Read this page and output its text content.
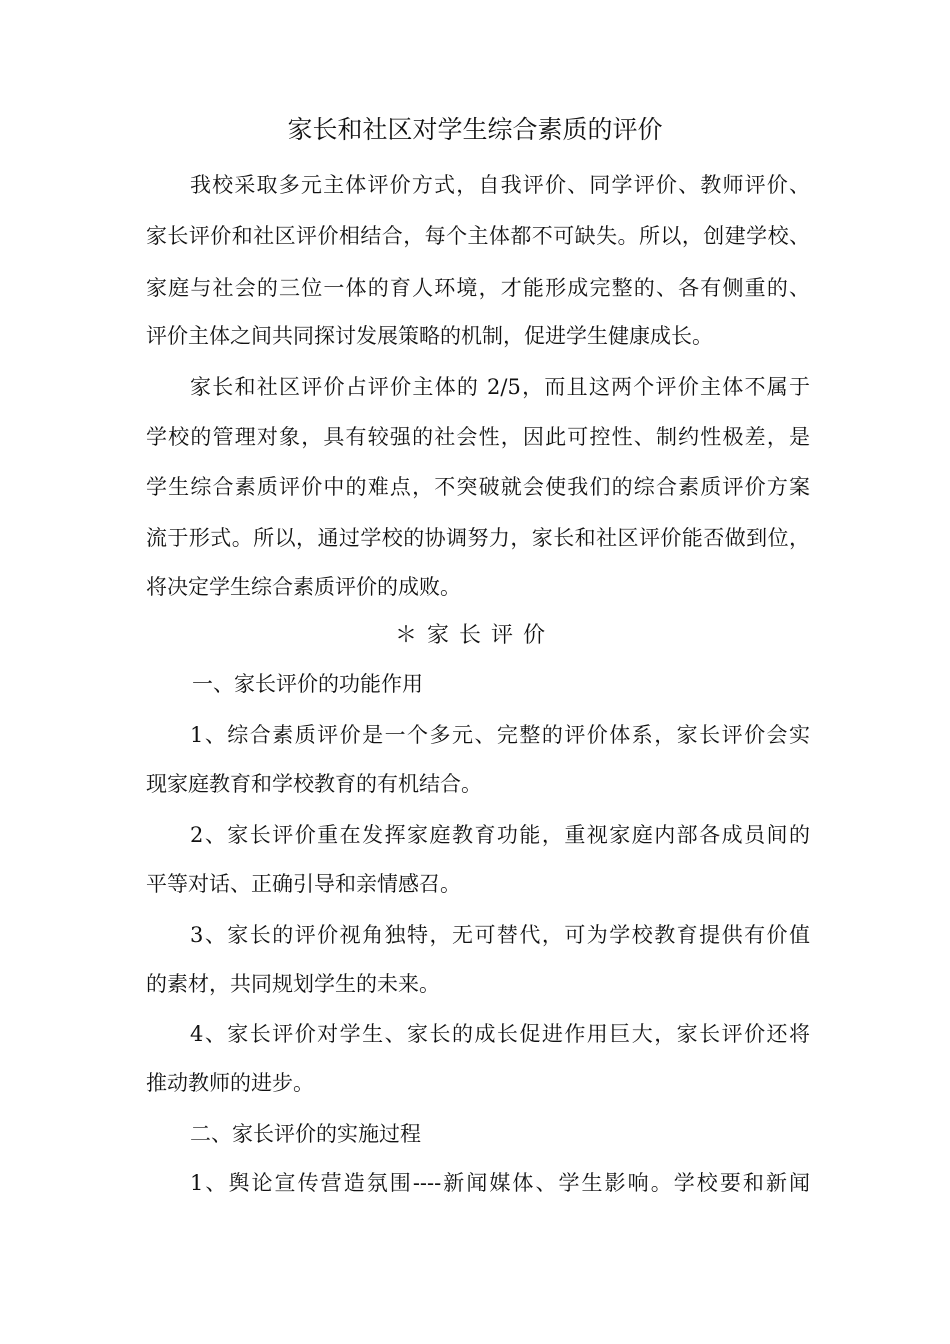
家长和社区对学生综合素质的评价
我校采取多元主体评价方式，自我评价、同学评价、教师评价、
家长评价和社区评价相结合，每个主体都不可缺失。所以，创建学校、
家庭与社会的三位一体的育人环境，才能形成完整的、各有侧重的、
评价主体之间共同探讨发展策略的机制，促进学生健康成长。
家长和社区评价占评价主体的 2/5，而且这两个评价主体不属于
学校的管理对象，具有较强的社会性，因此可控性、制约性极差，是
学生综合素质评价中的难点，不突破就会使我们的综合素质评价方案
流于形式。所以，通过学校的协调努力，家长和社区评价能否做到位，
将决定学生综合素质评价的成败。
＊家长评价
一、家长评价的功能作用
1、综合素质评价是一个多元、完整的评价体系，家长评价会实
现家庭教育和学校教育的有机结合。
2、家长评价重在发挥家庭教育功能，重视家庭内部各成员间的
平等对话、正确引导和亲情感召。
3、家长的评价视角独特，无可替代，可为学校教育提供有价值
的素材，共同规划学生的未来。
4、家长评价对学生、家长的成长促进作用巨大，家长评价还将
推动教师的进步。
二、家长评价的实施过程
1、舆论宣传营造氛围----新闻媒体、学生影响。学校要和新闻
